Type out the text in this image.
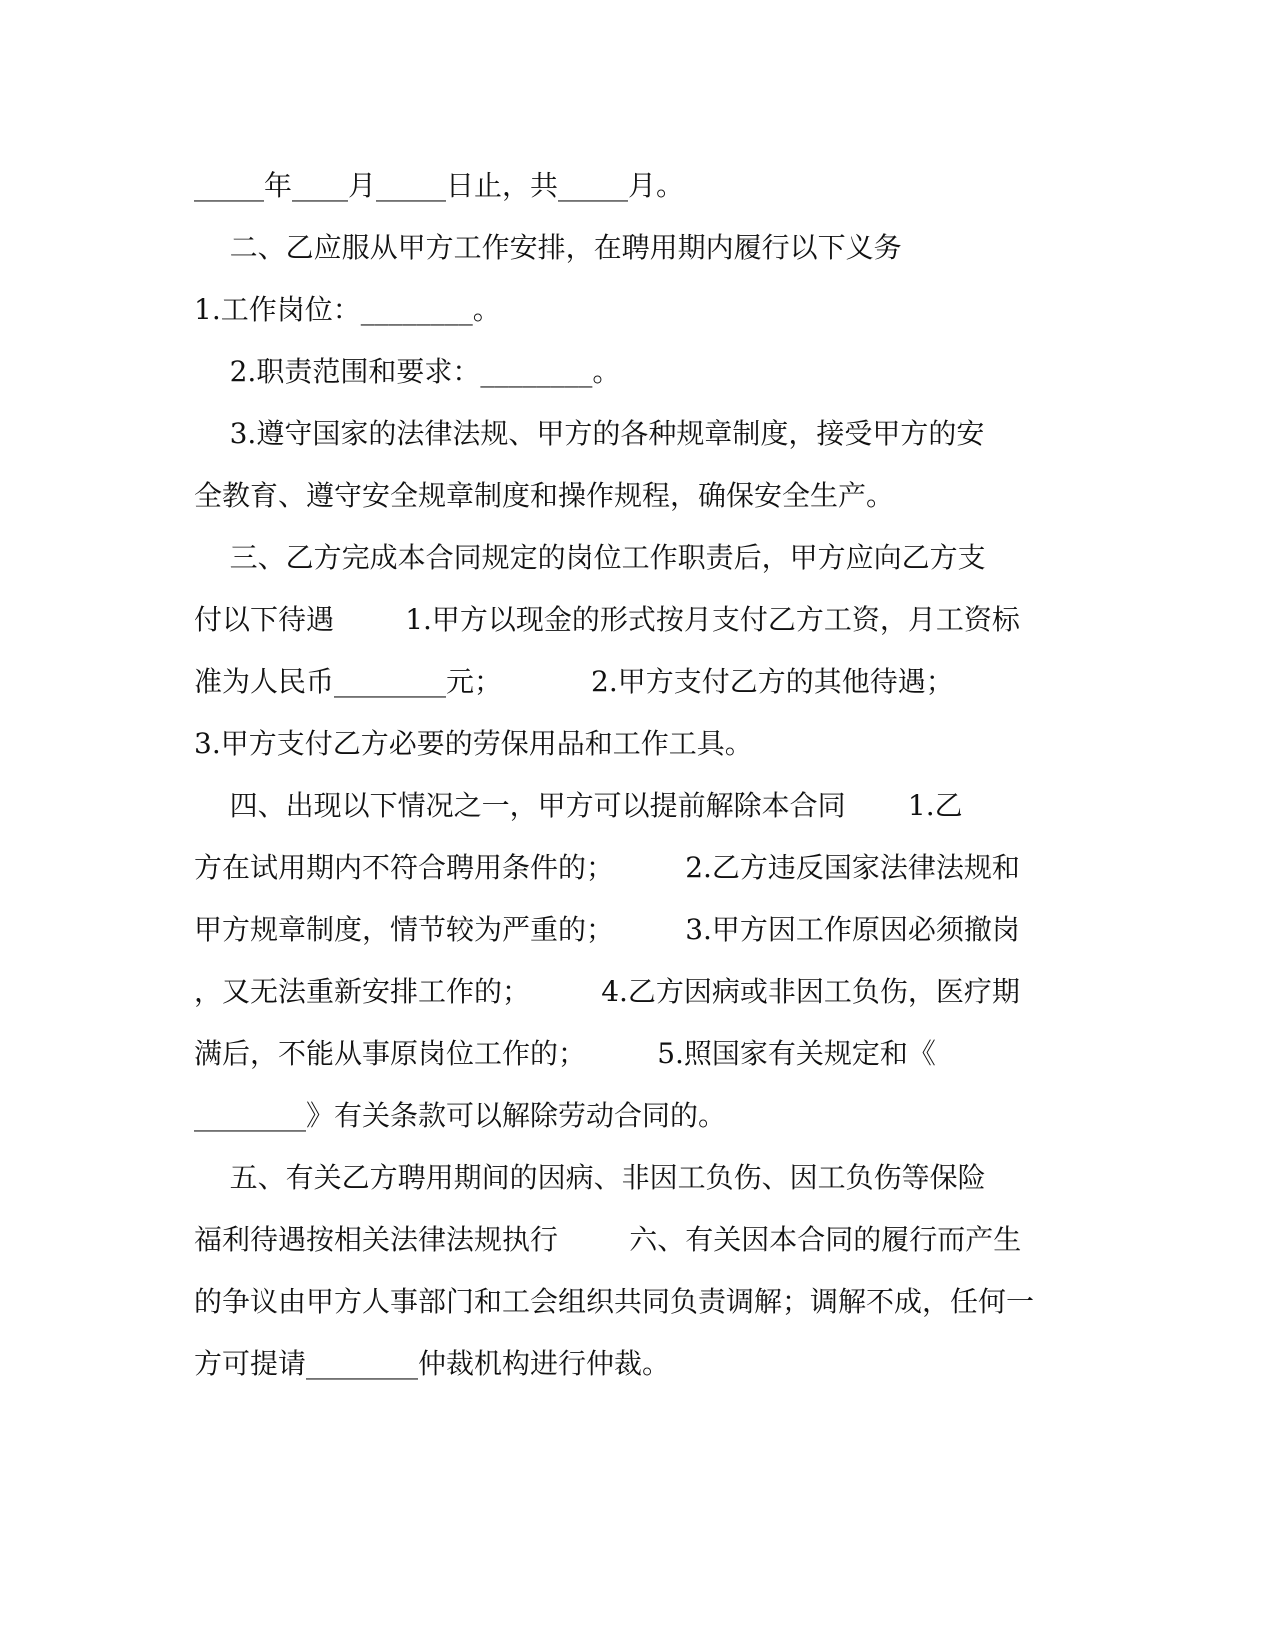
_____年____月_____日止，共_____月。
二、乙应服从甲方工作安排，在聘用期内履行以下义务
1.工作岗位：________。
2.职责范围和要求：________。
3.遵守国家的法律法规、甲方的各种规章制度，接受甲方的安
全教育、遵守安全规章制度和操作规程，确保安全生产。
三、乙方完成本合同规定的岗位工作职责后，甲方应向乙方支
付以下待遇        1.甲方以现金的形式按月支付乙方工资，月工资标
准为人民币________元；          2.甲方支付乙方的其他待遇；
3.甲方支付乙方必要的劳保用品和工作工具。
四、出现以下情况之一，甲方可以提前解除本合同       1.乙
方在试用期内不符合聘用条件的；        2.乙方违反国家法律法规和
甲方规章制度，情节较为严重的；        3.甲方因工作原因必须撤岗
，又无法重新安排工作的；        4.乙方因病或非因工负伤，医疗期
满后，不能从事原岗位工作的；        5.照国家有关规定和《
________》有关条款可以解除劳动合同的。
五、有关乙方聘用期间的因病、非因工负伤、因工负伤等保险
福利待遇按相关法律法规执行        六、有关因本合同的履行而产生
的争议由甲方人事部门和工会组织共同负责调解；调解不成，任何一
方可提请________仲裁机构进行仲裁。
